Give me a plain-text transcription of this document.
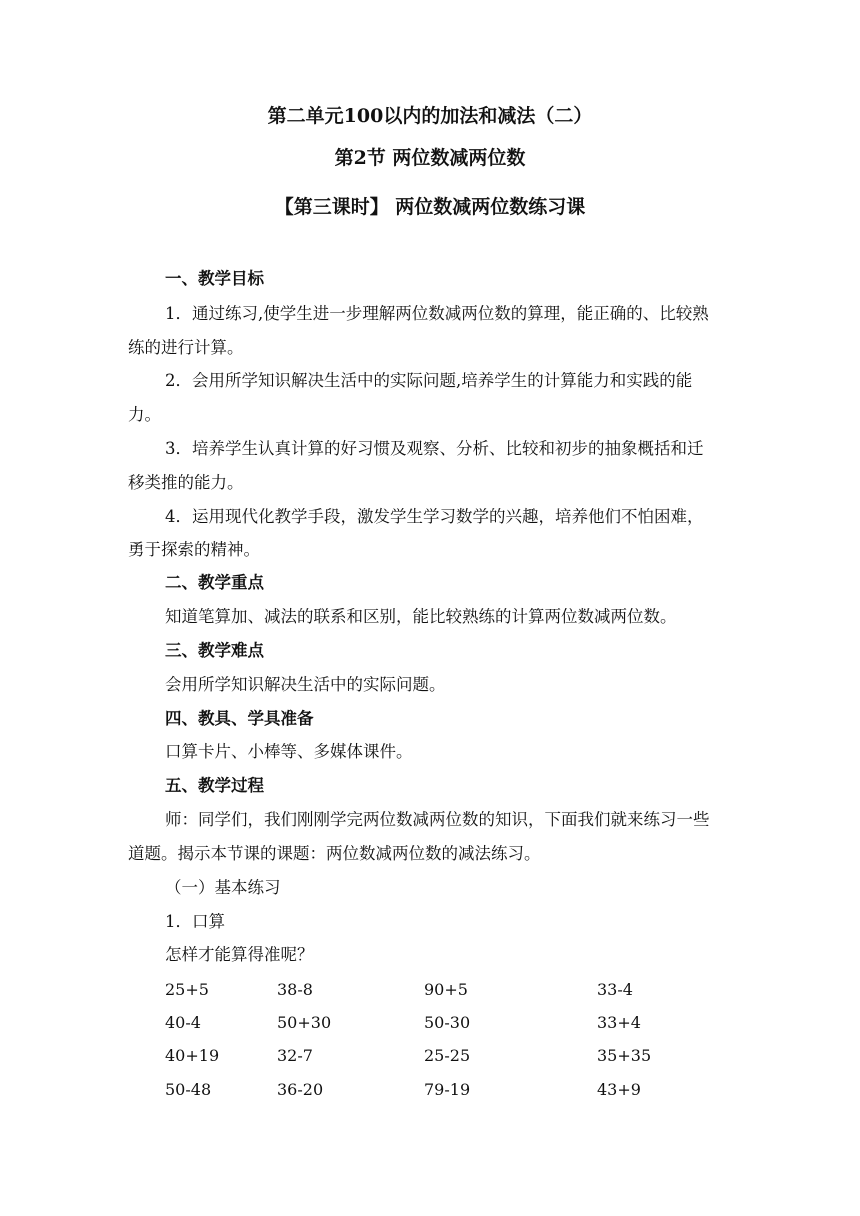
第二单元100以内的加法和减法（二）
第2节 两位数减两位数
【第三课时】 两位数减两位数练习课
一、教学目标
1．通过练习,使学生进一步理解两位数减两位数的算理，能正确的、比较熟
练的进行计算。
2．会用所学知识解决生活中的实际问题,培养学生的计算能力和实践的能
力。
3．培养学生认真计算的好习惯及观察、分析、比较和初步的抽象概括和迁
移类推的能力。
4．运用现代化教学手段，激发学生学习数学的兴趣，培养他们不怕困难，
勇于探索的精神。
二、教学重点
知道笔算加、减法的联系和区别，能比较熟练的计算两位数减两位数。
三、教学难点
会用所学知识解决生活中的实际问题。
四、教具、学具准备
口算卡片、小棒等、多媒体课件。
五、教学过程
师：同学们，我们刚刚学完两位数减两位数的知识，下面我们就来练习一些
道题。揭示本节课的课题：两位数减两位数的减法练习。
（一）基本练习
1．口算
怎样才能算得准呢？
25+5	38-8	90+5	33-4
40-4	50+30	50-30	33+4
40+19	32-7	25-25	35+35
50-48	36-20	79-19	43+9
